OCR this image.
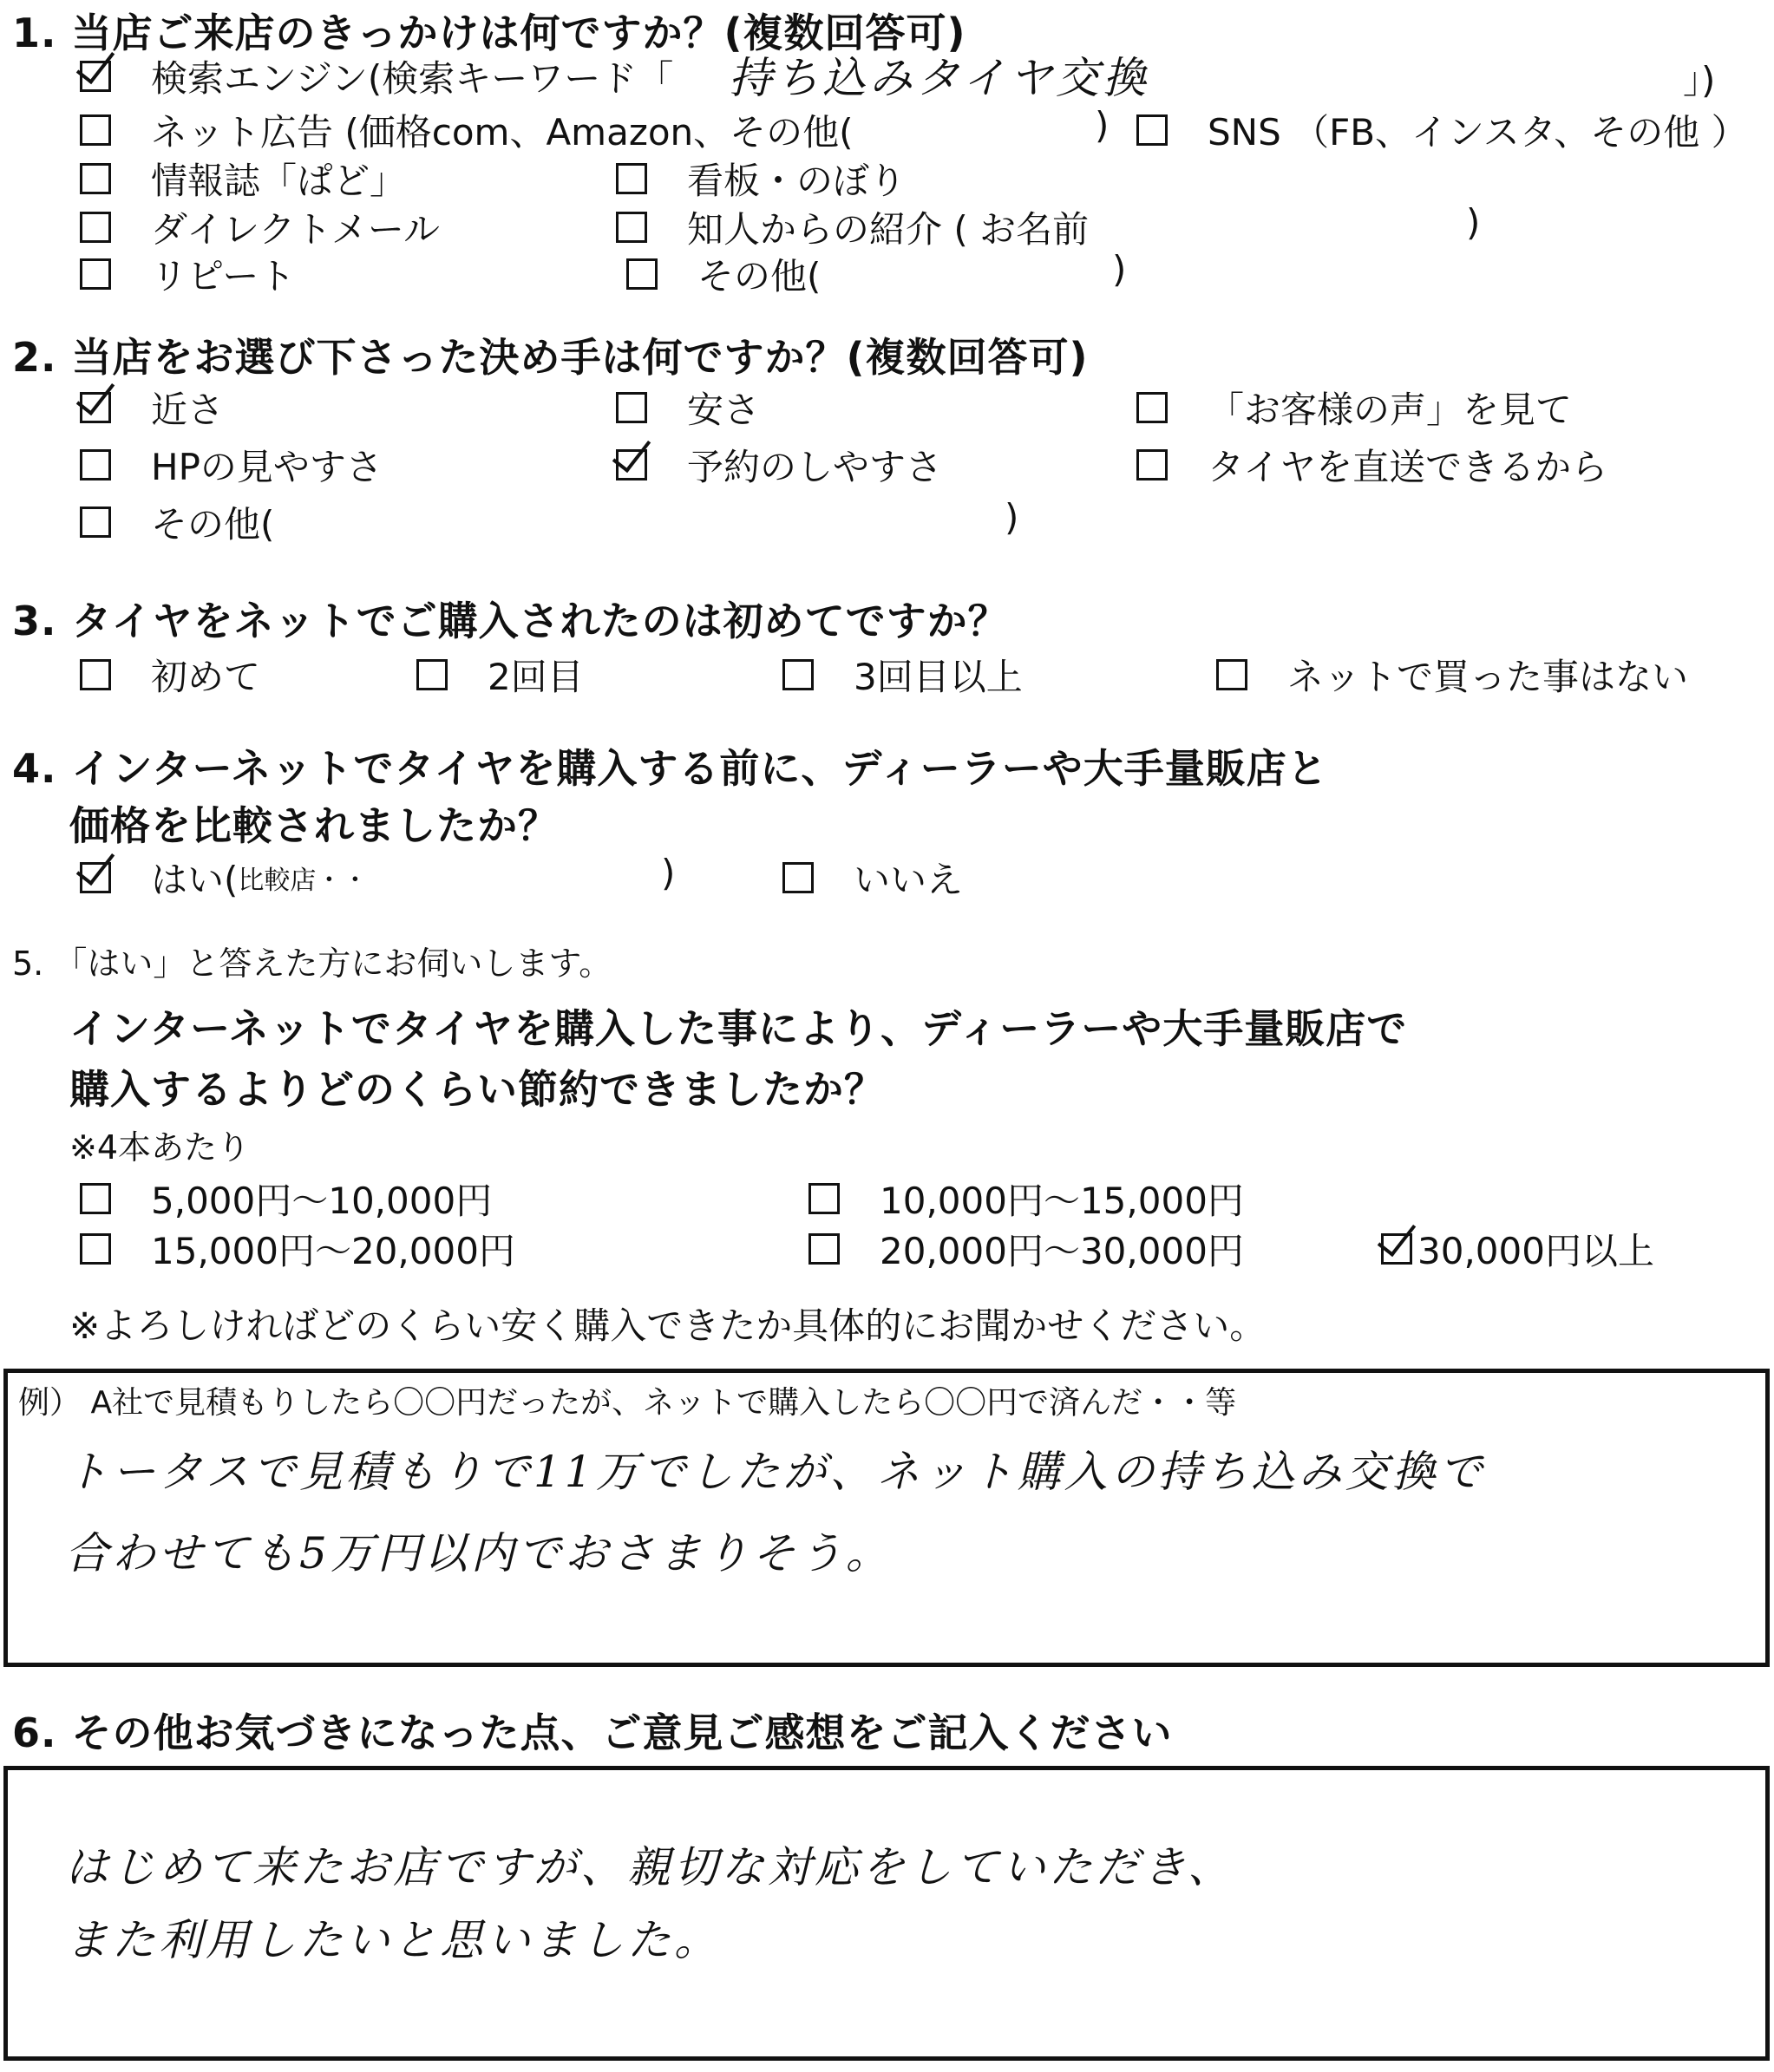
1. 当店ご来店のきっかけは何ですか？(複数回答可)
検索エンジン(検索キーワード「 持ち込みタイヤ交換	」)
ネット広告 (価格com、Amazon、その他(	)	SNS （FB、インスタ、その他 ）
情報誌「ぱど」	看板・のぼり
ダイレクトメール	知人からの紹介 ( お名前	)
リピート	その他(	)
2. 当店をお選び下さった決め手は何ですか？(複数回答可)
近さ	安さ	「お客様の声」を見て
HPの見やすさ	予約のしやすさ	タイヤを直送できるから
その他(	)
3. タイヤをネットでご購入されたのは初めてですか？
初めて	2回目	3回目以上	ネットで買った事はない
4. インターネットでタイヤを購入する前に、ディーラーや大手量販店と
価格を比較されましたか？
はい( 比較店・・	)	いいえ
5. 「はい」と答えた方にお伺いします。
インターネットでタイヤを購入した事により、ディーラーや大手量販店で
購入するよりどのくらい節約できましたか？
※4本あたり
5,000円～10,000円	10,000円～15,000円
15,000円～20,000円	20,000円～30,000円	30,000円以上
※よろしければどのくらい安く購入できたか具体的にお聞かせください。
例） A社で見積もりしたら〇〇円だったが、ネットで購入したら〇〇円で済んだ・・等
トータスで見積もりで11万でしたが、ネット購入の持ち込み交換で
合わせても5万円以内でおさまりそう。
6. その他お気づきになった点、ご意見ご感想をご記入ください
はじめて来たお店ですが、親切な対応をしていただき、
また利用したいと思いました。
